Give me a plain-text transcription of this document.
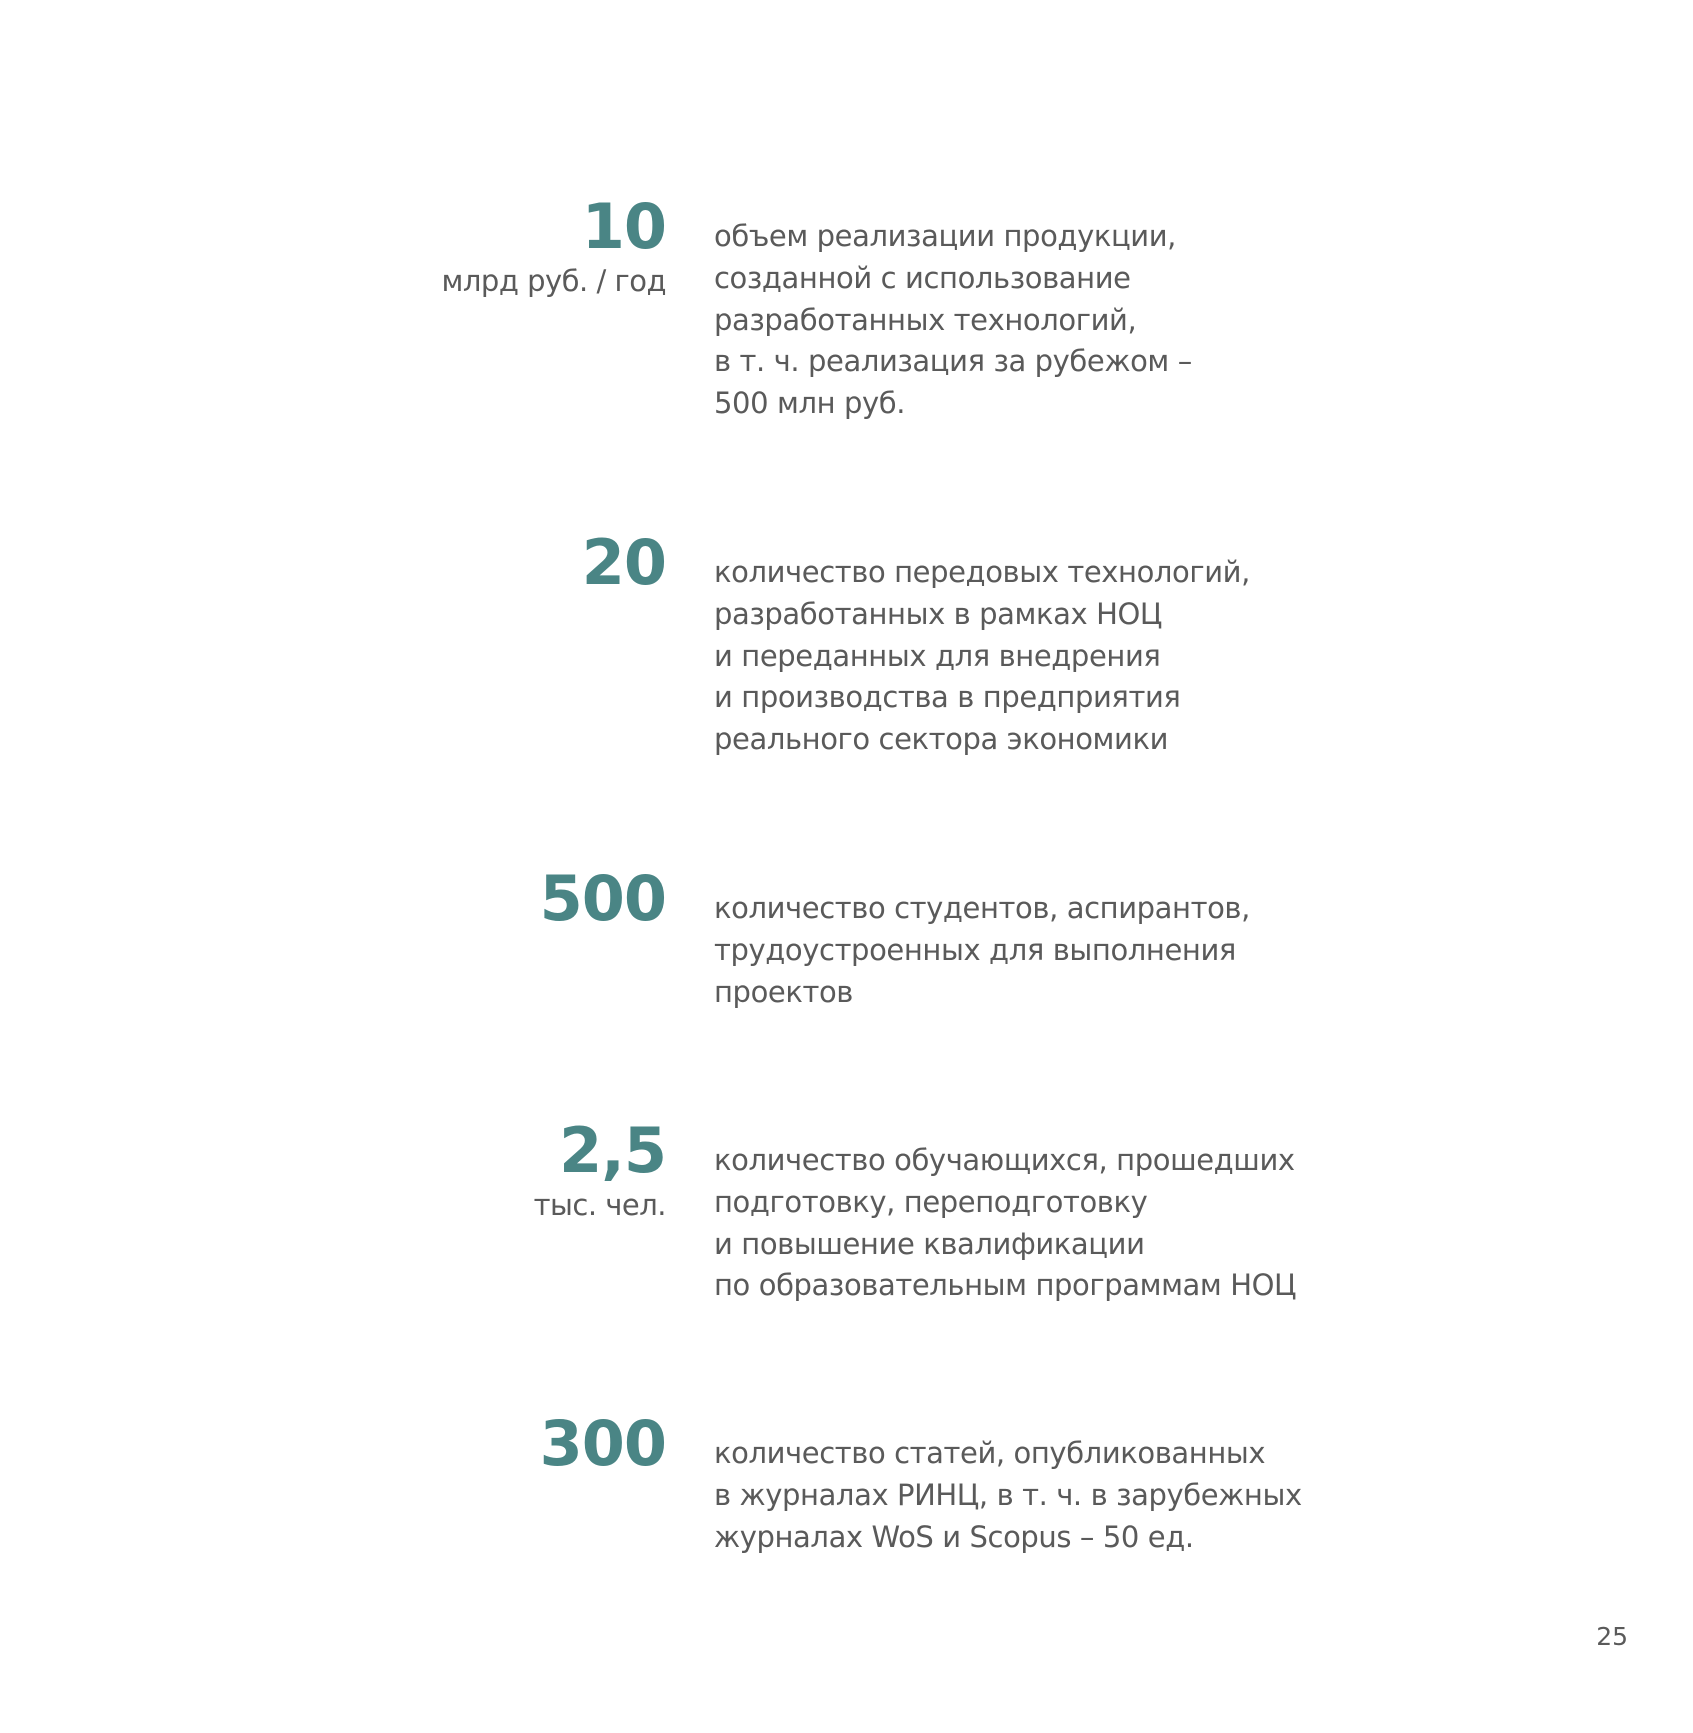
10
млрд руб. / год
объем реализации продукции,
созданной с использование
разработанных технологий,
в т. ч. реализация за рубежом –
500 млн руб.
20 количество передовых технологий,
разработанных в рамках НОЦ
и переданных для внедрения
и производства в предприятия
реального сектора экономики
500 количество студентов, аспирантов,
трудоустроенных для выполнения
проектов
2,5
тыс. чел.
количество обучающихся, прошедших
подготовку, переподготовку
и повышение квалификации
по образовательным программам НОЦ
300 количество статей, опубликованных
в журналах РИНЦ, в т. ч. в зарубежных
журналах WoS и Scopus – 50 ед.
25
